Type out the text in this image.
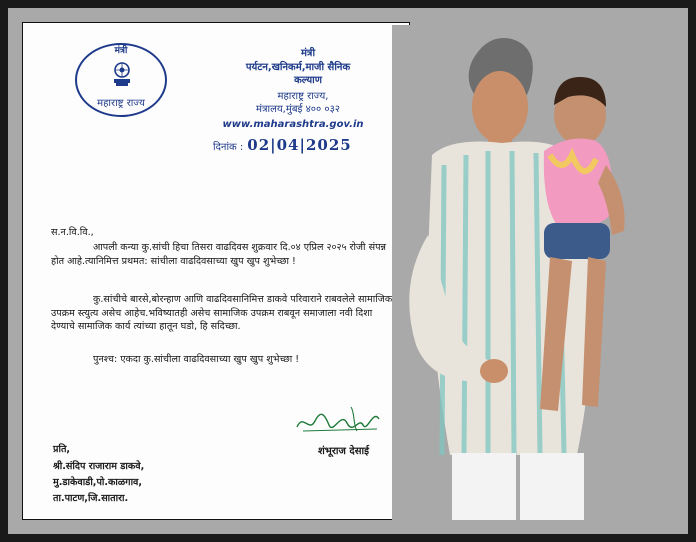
मंत्री
महाराष्ट्र राज्य
मंत्री
पर्यटन,खनिकर्म,माजी सैनिक
कल्याण
महाराष्ट्र राज्य,
मंत्रालय,मुंबई ४०० ०३२
www.maharashtra.gov.in
दिनांक : 02|04|2025
स.न.वि.वि.,
आपली कन्या कु.सांची हिचा तिसरा वाढदिवस शुक्रवार दि.०४ एप्रिल २०२५ रोजी संपन्न होत आहे.त्यानिमित्त प्रथमत: सांचीला वाढदिवसाच्या खुप खुप शुभेच्छा !
कु.सांचीचे बारसे,बोरन्हाण आणि वाढदिवसानिमित्त डाकवे परिवाराने राबवलेले सामाजिक उपक्रम स्त्युत्य असेच आहेच.भविष्यातही असेच सामाजिक उपक्रम राबवून समाजाला नवी दिशा देण्याचे सामाजिक कार्य त्यांच्या हातून घडो, हि सदिच्छा.
पुनश्च: एकदा कु.सांचीला वाढदिवसाच्या खुप खुप शुभेच्छा !
शंभूराज देसाई
प्रति,
श्री.संदिप राजाराम डाकवे,
मु.डाकेवाडी,पो.काळगाव,
ता.पाटण,जि.सातारा.
